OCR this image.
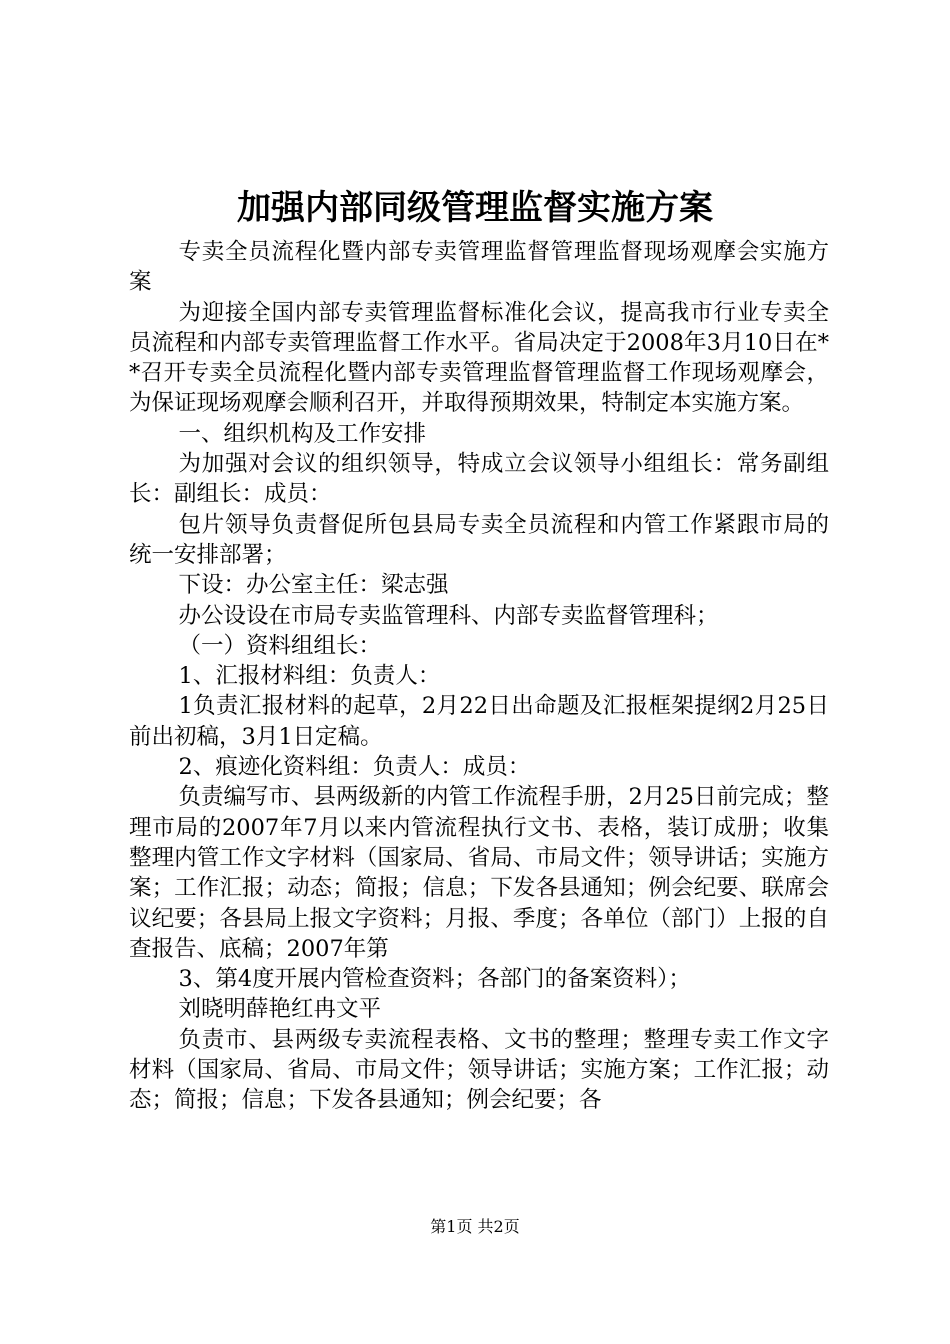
加强内部同级管理监督实施方案

专卖全员流程化暨内部专卖管理监督管理监督现场观摩会实施方案

为迎接全国内部专卖管理监督标准化会议，提高我市行业专卖全员流程和内部专卖管理监督工作水平。省局决定于2008年3月10日在**召开专卖全员流程化暨内部专卖管理监督管理监督工作现场观摩会，为保证现场观摩会顺利召开，并取得预期效果，特制定本实施方案。

一、组织机构及工作安排

为加强对会议的组织领导，特成立会议领导小组组长：常务副组长：副组长：成员：

包片领导负责督促所包县局专卖全员流程和内管工作紧跟市局的统一安排部署；

下设：办公室主任：梁志强

办公设设在市局专卖监管理科、内部专卖监督管理科；

（一）资料组组长：

1、汇报材料组：负责人：

1负责汇报材料的起草，2月22日出命题及汇报框架提纲2月25日前出初稿，3月1日定稿。

2、痕迹化资料组：负责人：成员：

负责编写市、县两级新的内管工作流程手册，2月25日前完成；整理市局的2007年7月以来内管流程执行文书、表格，装订成册；收集整理内管工作文字材料（国家局、省局、市局文件；领导讲话；实施方案；工作汇报；动态；简报；信息；下发各县通知；例会纪要、联席会议纪要；各县局上报文字资料；月报、季度；各单位（部门）上报的自查报告、底稿；2007年第

3、第4度开展内管检查资料；各部门的备案资料）；

刘晓明薛艳红冉文平

负责市、县两级专卖流程表格、文书的整理；整理专卖工作文字材料（国家局、省局、市局文件；领导讲话；实施方案；工作汇报；动态；简报；信息；下发各县通知；例会纪要；各

第1页 共2页
